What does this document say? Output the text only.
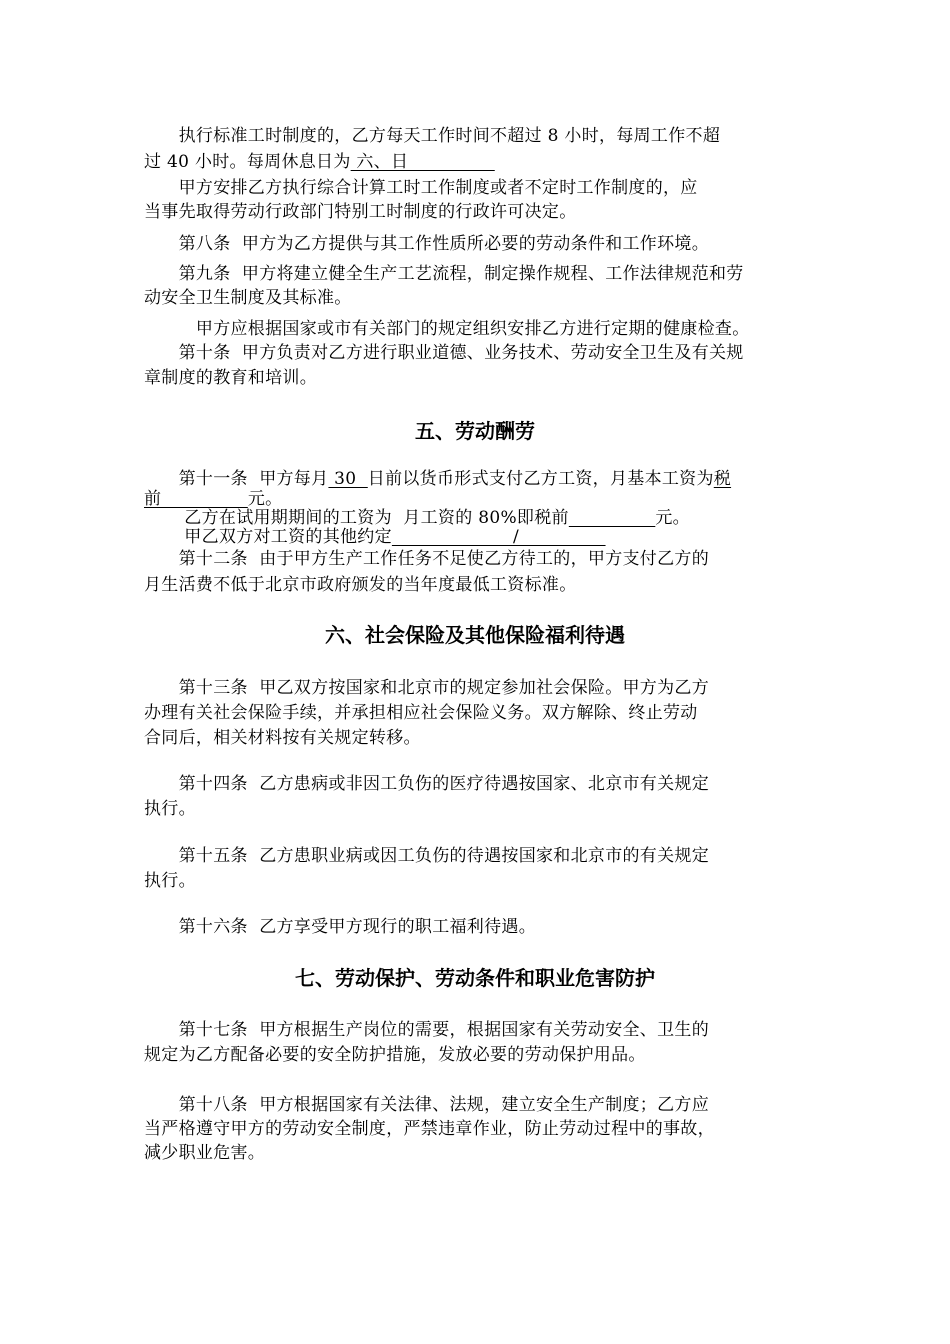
　　执行标准工时制度的，乙方每天工作时间不超过 8 小时，每周工作不超
过 40 小时。每周休息日为 六、日　　　　　
　　甲方安排乙方执行综合计算工时工作制度或者不定时工作制度的，应
当事先取得劳动行政部门特别工时制度的行政许可决定。
　　第八条  甲方为乙方提供与其工作性质所必要的劳动条件和工作环境。
　　第九条  甲方将建立健全生产工艺流程，制定操作规程、工作法律规范和劳
动安全卫生制度及其标准。
　　　甲方应根据国家或市有关部门的规定组织安排乙方进行定期的健康检查。
　　第十条  甲方负责对乙方进行职业道德、业务技术、劳动安全卫生及有关规
章制度的教育和培训。
五、劳动酬劳
　　第十一条  甲方每月 30  日前以货币形式支付乙方工资，月基本工资为税
前　　　　　元。
　　 乙方在试用期期间的工资为  月工资的 80%即税前　　　　　	元。
　　 甲乙双方对工资的其他约定　　　　　　　/　　　　　
　　第十二条  由于甲方生产工作任务不足使乙方待工的，甲方支付乙方的
月生活费不低于北京市政府颁发的当年度最低工资标准。
六、社会保险及其他保险福利待遇
　　第十三条  甲乙双方按国家和北京市的规定参加社会保险。甲方为乙方
办理有关社会保险手续，并承担相应社会保险义务。双方解除、终止劳动
合同后，相关材料按有关规定转移。
　　第十四条  乙方患病或非因工负伤的医疗待遇按国家、北京市有关规定
执行。
　　第十五条  乙方患职业病或因工负伤的待遇按国家和北京市的有关规定
执行。
　　第十六条  乙方享受甲方现行的职工福利待遇。
七、劳动保护、劳动条件和职业危害防护
　　第十七条  甲方根据生产岗位的需要，根据国家有关劳动安全、卫生的
规定为乙方配备必要的安全防护措施，发放必要的劳动保护用品。
　　第十八条  甲方根据国家有关法律、法规，建立安全生产制度；乙方应
当严格遵守甲方的劳动安全制度，严禁违章作业，防止劳动过程中的事故，
减少职业危害。
